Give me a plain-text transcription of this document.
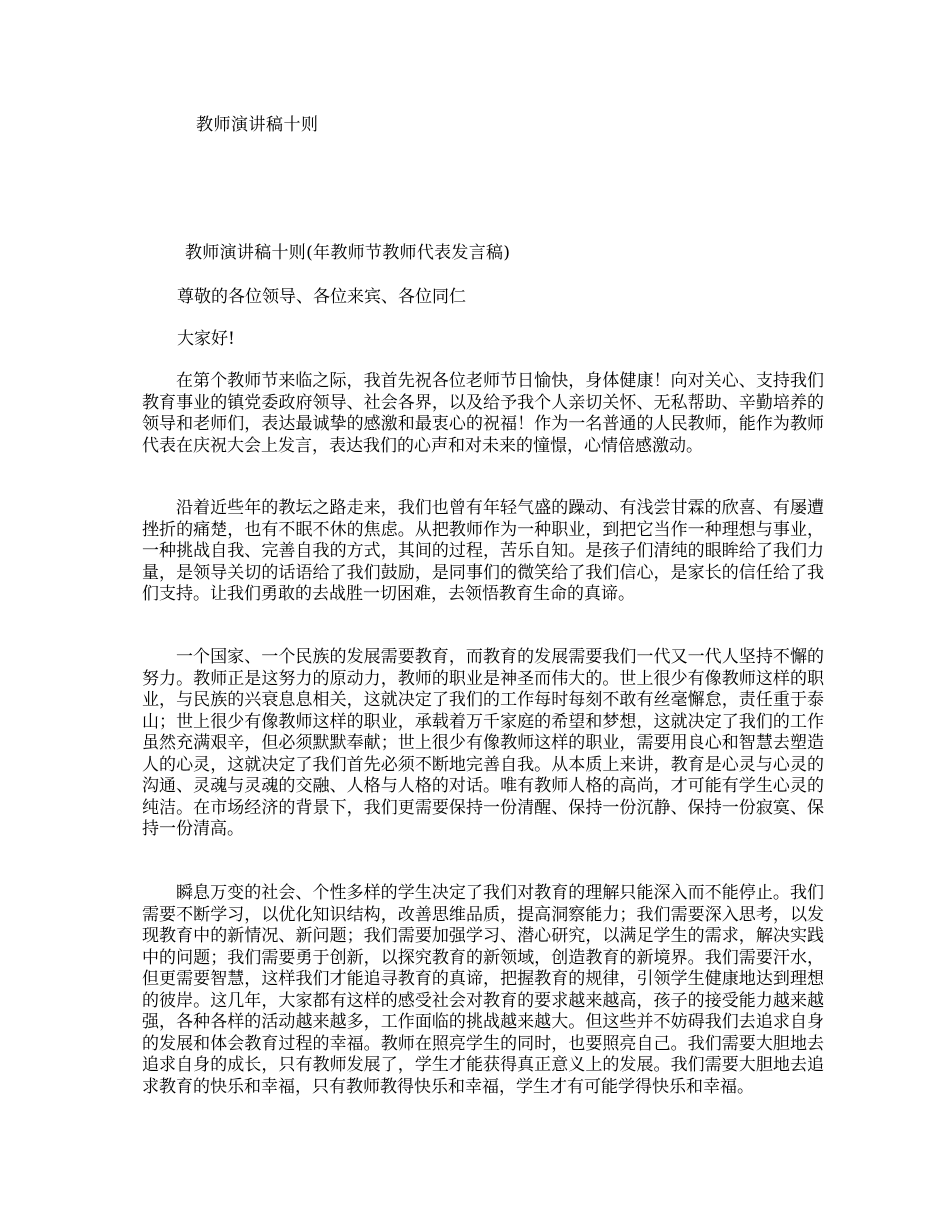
教师演讲稿十则
教师演讲稿十则(年教师节教师代表发言稿)

尊敬的各位领导、各位来宾、各位同仁

大家好!

在第个教师节来临之际，我首先祝各位老师节日愉快，身体健康！向对关心、支持我们教育事业的镇党委政府领导、社会各界，以及给予我个人亲切关怀、无私帮助、辛勤培养的领导和老师们，表达最诚挚的感激和最衷心的祝福！作为一名普通的人民教师，能作为教师代表在庆祝大会上发言，表达我们的心声和对未来的憧憬，心情倍感激动。

沿着近些年的教坛之路走来，我们也曾有年轻气盛的躁动、有浅尝甘霖的欣喜、有屡遭挫折的痛楚，也有不眠不休的焦虑。从把教师作为一种职业，到把它当作一种理想与事业，一种挑战自我、完善自我的方式，其间的过程，苦乐自知。是孩子们清纯的眼眸给了我们力量，是领导关切的话语给了我们鼓励，是同事们的微笑给了我们信心，是家长的信任给了我们支持。让我们勇敢的去战胜一切困难，去领悟教育生命的真谛。

一个国家、一个民族的发展需要教育，而教育的发展需要我们一代又一代人坚持不懈的努力。教师正是这努力的原动力，教师的职业是神圣而伟大的。世上很少有像教师这样的职业，与民族的兴衰息息相关，这就决定了我们的工作每时每刻不敢有丝毫懈怠，责任重于泰山；世上很少有像教师这样的职业，承载着万千家庭的希望和梦想，这就决定了我们的工作虽然充满艰辛，但必须默默奉献；世上很少有像教师这样的职业，需要用良心和智慧去塑造人的心灵，这就决定了我们首先必须不断地完善自我。从本质上来讲，教育是心灵与心灵的沟通、灵魂与灵魂的交融、人格与人格的对话。唯有教师人格的高尚，才可能有学生心灵的纯洁。在市场经济的背景下，我们更需要保持一份清醒、保持一份沉静、保持一份寂寞、保持一份清高。

瞬息万变的社会、个性多样的学生决定了我们对教育的理解只能深入而不能停止。我们需要不断学习，以优化知识结构，改善思维品质，提高洞察能力；我们需要深入思考，以发现教育中的新情况、新问题；我们需要加强学习、潜心研究，以满足学生的需求，解决实践中的问题；我们需要勇于创新，以探究教育的新领域，创造教育的新境界。我们需要汗水，但更需要智慧，这样我们才能追寻教育的真谛，把握教育的规律，引领学生健康地达到理想的彼岸。这几年，大家都有这样的感受社会对教育的要求越来越高，孩子的接受能力越来越强，各种各样的活动越来越多，工作面临的挑战越来越大。但这些并不妨碍我们去追求自身的发展和体会教育过程的幸福。教师在照亮学生的同时，也要照亮自己。我们需要大胆地去追求自身的成长，只有教师发展了，学生才能获得真正意义上的发展。我们需要大胆地去追求教育的快乐和幸福，只有教师教得快乐和幸福，学生才有可能学得快乐和幸福。
